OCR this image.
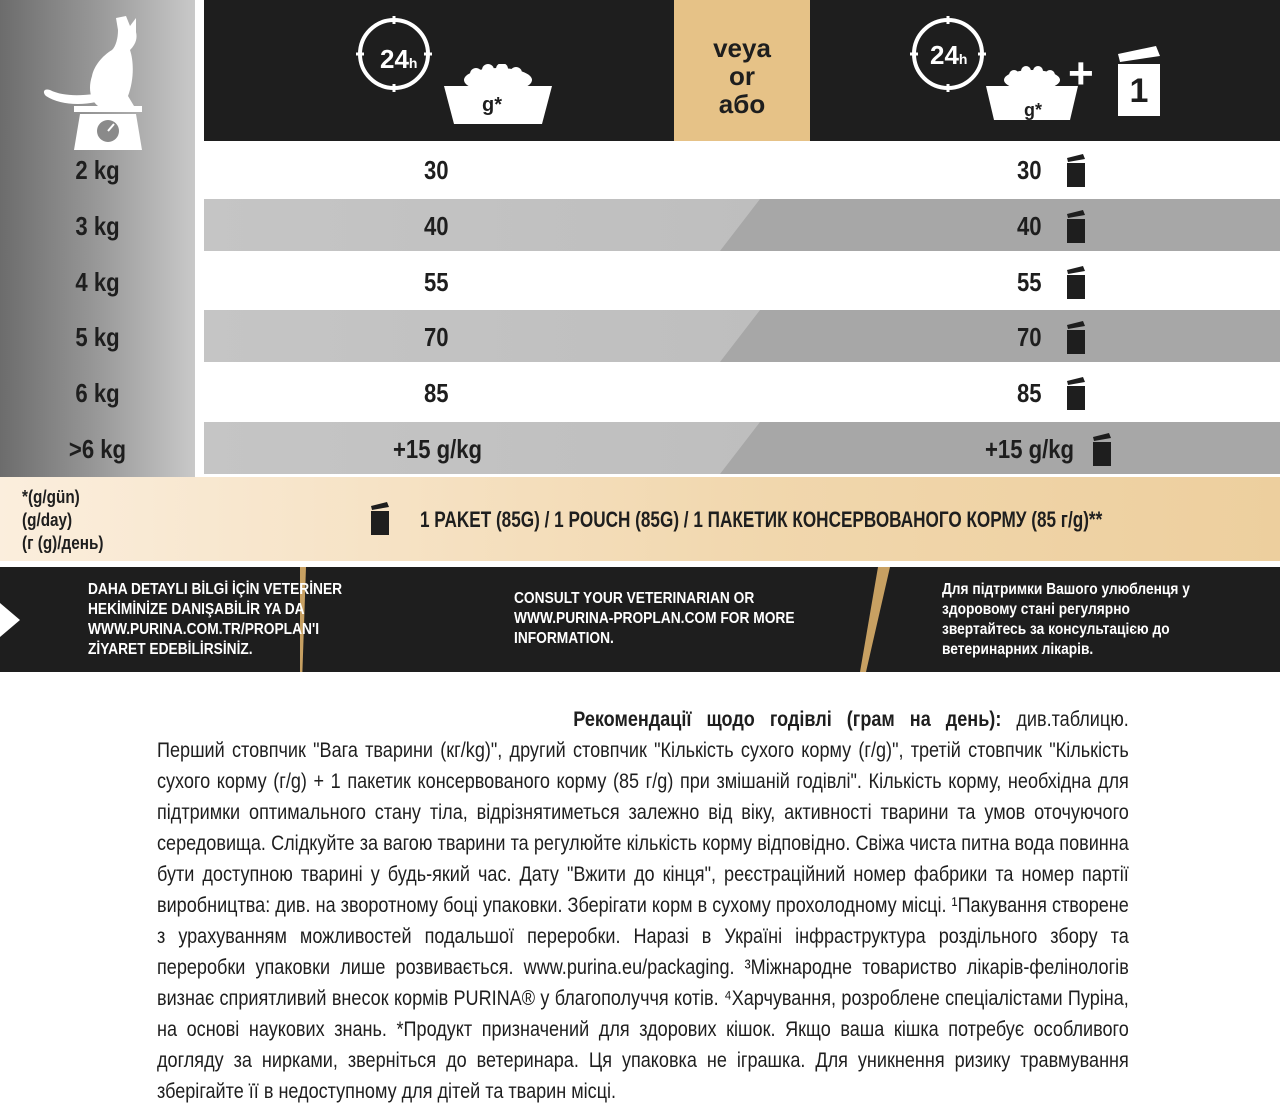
2 kg
3 kg
4 kg
5 kg
6 kg
>6 kg
24h
g*
veya
or
або
24h
g*
+	1
30
40
55
70
85
+15 g/kg
30
40
55
70
85
+15 g/kg
*(g/gün)
(g/day)
(г (g)/день)
1 PAKET (85G) / 1 POUCH (85G) / 1 ПАКЕТИК КОНСЕРВОВАНОГО КОРМУ (85 г/g)**
DAHA DETAYLI BİLGİ İÇİN VETERİNER
HEKİMİNİZE DANIŞABİLİR YA DA
WWW.PURINA.COM.TR/PROPLAN'I
ZİYARET EDEBİLİRSİNİZ.
CONSULT YOUR VETERINARIAN OR
WWW.PURINA-PROPLAN.COM FOR MORE
INFORMATION.
Для підтримки Вашого улюбленця у
здоровому стані регулярно
звертайтесь за консультацією до
ветеринарних лікарів.
Рекомендації щодо годівлі (грам на день): див.таблицю. Перший стовпчик "Вага тварини (кг/kg)", другий стовпчик "Кількість сухого корму (г/g)", третій стовпчик "Кількість сухого корму (г/g) + 1 пакетик консервованого корму (85 г/g) при змішаній годівлі". Кількість корму, необхідна для підтримки оптимального стану тіла, відрізнятиметься залежно від віку, активності тварини та умов оточуючого середовища. Слідкуйте за вагою тварини та регулюйте кількість корму відповідно. Свіжа чиста питна вода повинна бути доступною тварині у будь-який час. Дату "Вжити до кінця", реєстраційний номер фабрики та номер партії виробництва: див. на зворотному боці упаковки. Зберігати корм в сухому прохолодному місці. ¹Пакування створене з урахуванням можливостей подальшої переробки. Наразі в Україні інфраструктура роздільного збору та переробки упаковки лише розвивається. www.purina.eu/packaging. ³Міжнародне товариство лікарів-фелінологів визнає сприятливий внесок кормів PURINA® у благополуччя котів. ⁴Харчування, розроблене спеціалістами Пуріна, на основі наукових знань. *Продукт призначений для здорових кішок. Якщо ваша кішка потребує особливого догляду за нирками, зверніться до ветеринара. Ця упаковка не іграшка. Для уникнення ризику травмування зберігайте її в недоступному для дітей та тварин місці.
